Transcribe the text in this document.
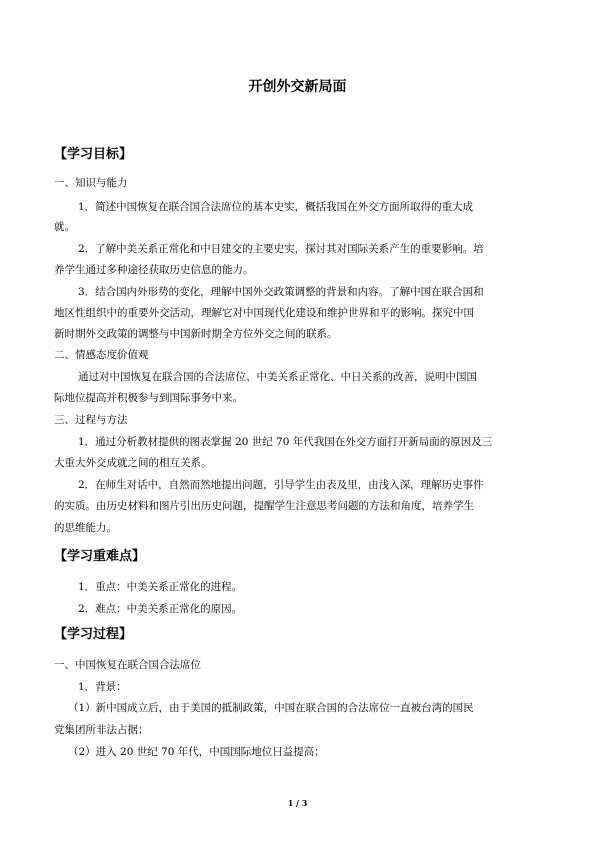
开创外交新局面
【学习目标】
一、知识与能力
1．简述中国恢复在联合国合法席位的基本史实，概括我国在外交方面所取得的重大成
就。
2．了解中美关系正常化和中日建交的主要史实，探讨其对国际关系产生的重要影响。培
养学生通过多种途径获取历史信息的能力。
3．结合国内外形势的变化，理解中国外交政策调整的背景和内容。了解中国在联合国和
地区性组织中的重要外交活动，理解它对中国现代化建设和维护世界和平的影响。探究中国
新时期外交政策的调整与中国新时期全方位外交之间的联系。
二、情感态度价值观
通过对中国恢复在联合国的合法席位、中美关系正常化、中日关系的改善，说明中国国
际地位提高并积极参与到国际事务中来。
三、过程与方法
1．通过分析教材提供的图表掌握 20 世纪 70 年代我国在外交方面打开新局面的原因及三
大重大外交成就之间的相互关系。
2．在师生对话中，自然而然地提出问题，引导学生由表及里，由浅入深，理解历史事件
的实质。由历史材料和图片引出历史问题，提醒学生注意思考问题的方法和角度，培养学生
的思维能力。
【学习重难点】
1．重点：中美关系正常化的进程。
2．难点：中美关系正常化的原因。
【学习过程】
一、中国恢复在联合国合法席位
1．背景：
（1）新中国成立后，由于美国的抵制政策，中国在联合国的合法席位一直被台湾的国民
党集团所非法占据；
（2）进入 20 世纪 70 年代，中国国际地位日益提高；
1 / 3
